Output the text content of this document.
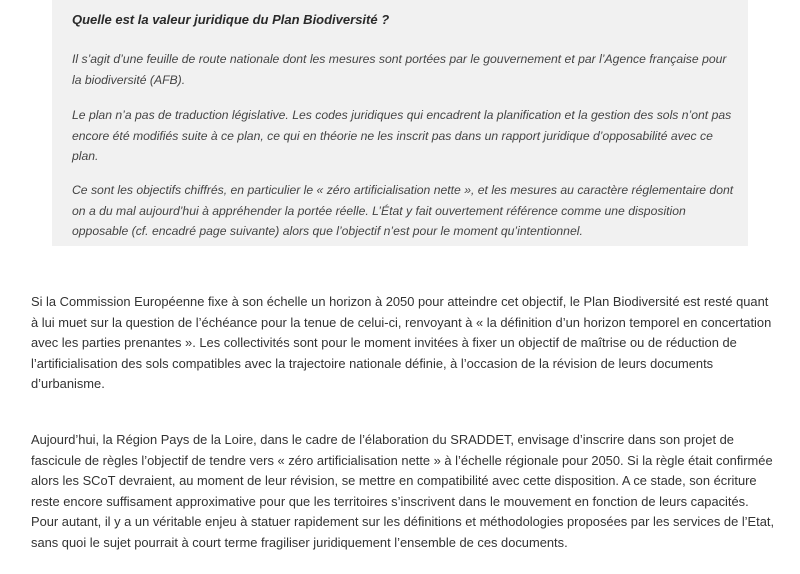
Quelle est la valeur juridique du Plan Biodiversité ?

Il s’agit d’une feuille de route nationale dont les mesures sont portées par le gouvernement et par l’Agence française pour la biodiversité (AFB).

Le plan n’a pas de traduction législative. Les codes juridiques qui encadrent la planification et la gestion des sols n’ont pas encore été modifiés suite à ce plan, ce qui en théorie ne les inscrit pas dans un rapport juridique d’opposabilité avec ce plan.

Ce sont les objectifs chiffrés, en particulier le « zéro artificialisation nette », et les mesures au caractère réglementaire dont on a du mal aujourd’hui à appréhender la portée réelle. L’État y fait ouvertement référence comme une disposition opposable (cf. encadré page suivante) alors que l’objectif n’est pour le moment qu’intentionnel.

Si la Commission Européenne fixe à son échelle un horizon à 2050 pour atteindre cet objectif, le Plan Biodiversité est resté quant à lui muet sur la question de l’échéance pour la tenue de celui-ci, renvoyant à « la définition d’un horizon temporel en concertation avec les parties prenantes ». Les collectivités sont pour le moment invitées à fixer un objectif de maîtrise ou de réduction de l’artificialisation des sols compatibles avec la trajectoire nationale définie, à l’occasion de la révision de leurs documents d’urbanisme.

Aujourd’hui, la Région Pays de la Loire, dans le cadre de l’élaboration du SRADDET, envisage d’inscrire dans son projet de fascicule de règles l’objectif de tendre vers « zéro artificialisation nette » à l’échelle régionale pour 2050. Si la règle était confirmée alors les SCoT devraient, au moment de leur révision, se mettre en compatibilité avec cette disposition. A ce stade, son écriture reste encore suffisament approximative pour que les territoires s’inscrivent dans le mouvement en fonction de leurs capacités. Pour autant, il y a un véritable enjeu à statuer rapidement sur les définitions et méthodologies proposées par les services de l’Etat, sans quoi le sujet pourrait à court terme fragiliser juridiquement l’ensemble de ces documents.
